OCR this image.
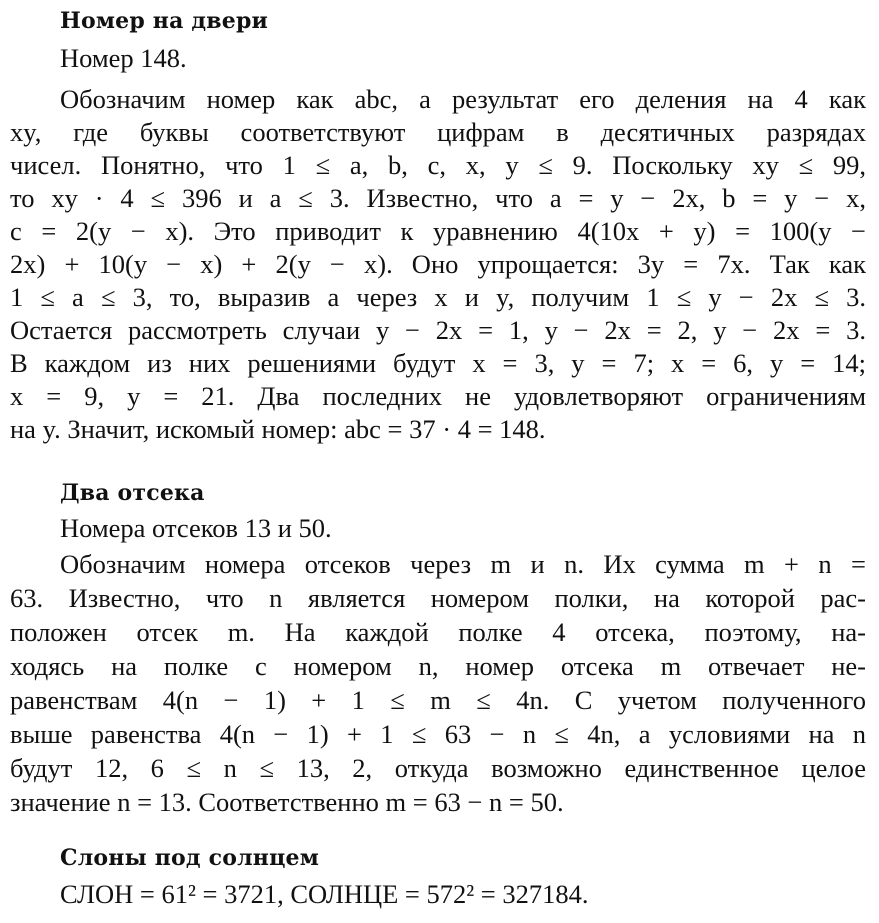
Номер на двери
Номер 148.
Обозначим номер как abc, а результат его деления на 4 как
xy, где буквы соответствуют цифрам в десятичных разрядах
чисел. Понятно, что 1 ≤ a, b, c, x, y ≤ 9. Поскольку xy ≤ 99,
то xy · 4 ≤ 396 и a ≤ 3. Известно, что a = y − 2x, b = y − x,
c = 2(y − x). Это приводит к уравнению 4(10x + y) = 100(y −
2x) + 10(y − x) + 2(y − x). Оно упрощается: 3y = 7x. Так как
1 ≤ a ≤ 3, то, выразив a через x и y, получим 1 ≤ y − 2x ≤ 3.
Остается рассмотреть случаи y − 2x = 1, y − 2x = 2, y − 2x = 3.
В каждом из них решениями будут x = 3, y = 7; x = 6, y = 14;
x = 9, y = 21. Два последних не удовлетворяют ограничениям
на y. Значит, искомый номер: abc = 37 · 4 = 148.
Два отсека
Номера отсеков 13 и 50.
Обозначим номера отсеков через m и n. Их сумма m + n =
63. Известно, что n является номером полки, на которой рас-
положен отсек m. На каждой полке 4 отсека, поэтому, на-
ходясь на полке с номером n, номер отсека m отвечает не-
равенствам 4(n − 1) + 1 ≤ m ≤ 4n. С учетом полученного
выше равенства 4(n − 1) + 1 ≤ 63 − n ≤ 4n, а условиями на n
будут 12, 6 ≤ n ≤ 13, 2, откуда возможно единственное целое
значение n = 13. Соответственно m = 63 − n = 50.
Слоны под солнцем
СЛОН = 61² = 3721, СОЛНЦЕ = 572² = 327184.
